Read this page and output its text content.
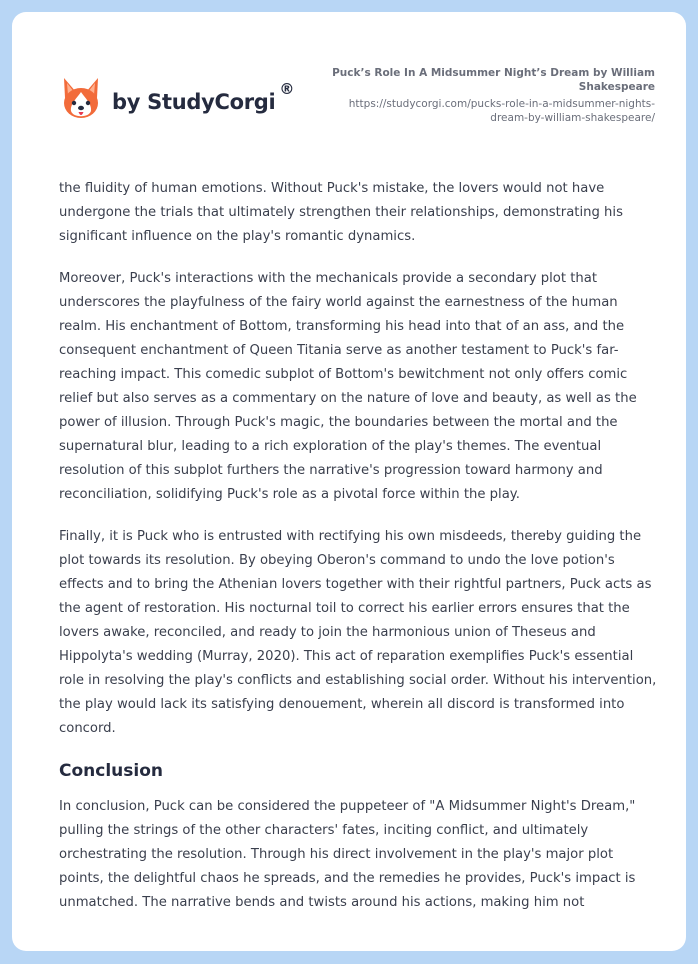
by StudyCorgi®
Puck’s Role In A Midsummer Night’s Dream by William Shakespeare
https://studycorgi.com/pucks-role-in-a-midsummer-nights-dream-by-william-shakespeare/

the fluidity of human emotions. Without Puck's mistake, the lovers would not have undergone the trials that ultimately strengthen their relationships, demonstrating his significant influence on the play's romantic dynamics.

Moreover, Puck's interactions with the mechanicals provide a secondary plot that underscores the playfulness of the fairy world against the earnestness of the human realm. His enchantment of Bottom, transforming his head into that of an ass, and the consequent enchantment of Queen Titania serve as another testament to Puck's far-reaching impact. This comedic subplot of Bottom's bewitchment not only offers comic relief but also serves as a commentary on the nature of love and beauty, as well as the power of illusion. Through Puck's magic, the boundaries between the mortal and the supernatural blur, leading to a rich exploration of the play's themes. The eventual resolution of this subplot furthers the narrative's progression toward harmony and reconciliation, solidifying Puck's role as a pivotal force within the play.

Finally, it is Puck who is entrusted with rectifying his own misdeeds, thereby guiding the plot towards its resolution. By obeying Oberon's command to undo the love potion's effects and to bring the Athenian lovers together with their rightful partners, Puck acts as the agent of restoration. His nocturnal toil to correct his earlier errors ensures that the lovers awake, reconciled, and ready to join the harmonious union of Theseus and Hippolyta's wedding (Murray, 2020). This act of reparation exemplifies Puck's essential role in resolving the play's conflicts and establishing social order. Without his intervention, the play would lack its satisfying denouement, wherein all discord is transformed into concord.

Conclusion

In conclusion, Puck can be considered the puppeteer of "A Midsummer Night's Dream," pulling the strings of the other characters' fates, inciting conflict, and ultimately orchestrating the resolution. Through his direct involvement in the play's major plot points, the delightful chaos he spreads, and the remedies he provides, Puck's impact is unmatched. The narrative bends and twists around his actions, making him not
